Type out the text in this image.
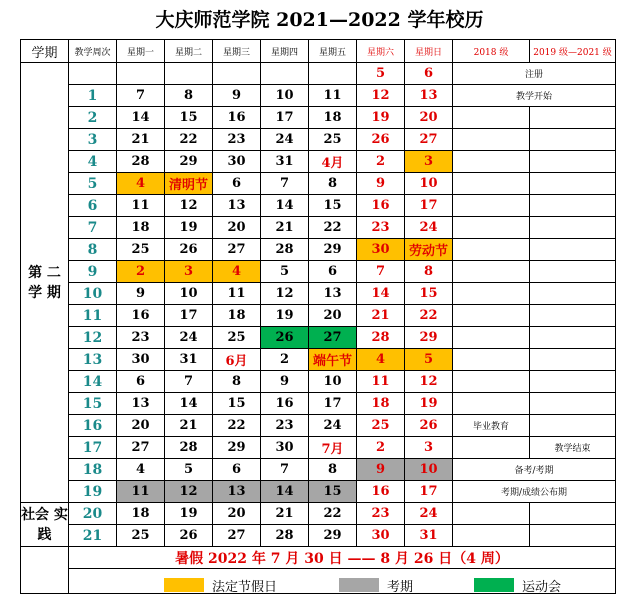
大庆师范学院 2021—2022 学年校历
学期	教学周次	星期一	星期二	星期三	星期四	星期五	星期六	星期日	2018 级	2019 级—2021 级
第 二 学 期							5	6	注册	
	1	7	8	9	10	11	12	13	教学开始	
	2	14	15	16	17	18	19	20		
	3	21	22	23	24	25	26	27		
	4	28	29	30	31	4月	2	3		
	5	4	清明节	6	7	8	9	10		
	6	11	12	13	14	15	16	17		
	7	18	19	20	21	22	23	24		
	8	25	26	27	28	29	30	劳动节		
	9	2	3	4	5	6	7	8		
	10	9	10	11	12	13	14	15		
	11	16	17	18	19	20	21	22		
	12	23	24	25	26	27	28	29		
	13	30	31	6月	2	端午节	4	5		
	14	6	7	8	9	10	11	12		
	15	13	14	15	16	17	18	19		
	16	20	21	22	23	24	25	26	毕业教育	
	17	27	28	29	30	7月	2	3		教学结束
	18	4	5	6	7	8	9	10	备考/考期	
	19	11	12	13	14	15	16	17	考期/成绩公布期	
社会 实践	20	18	19	20	21	22	23	24		
	21	25	26	27	28	29	30	31		
	暑假 2022 年 7 月 30 日 —— 8 月 26 日（4 周）									

法定节假日 考期 运动会									
